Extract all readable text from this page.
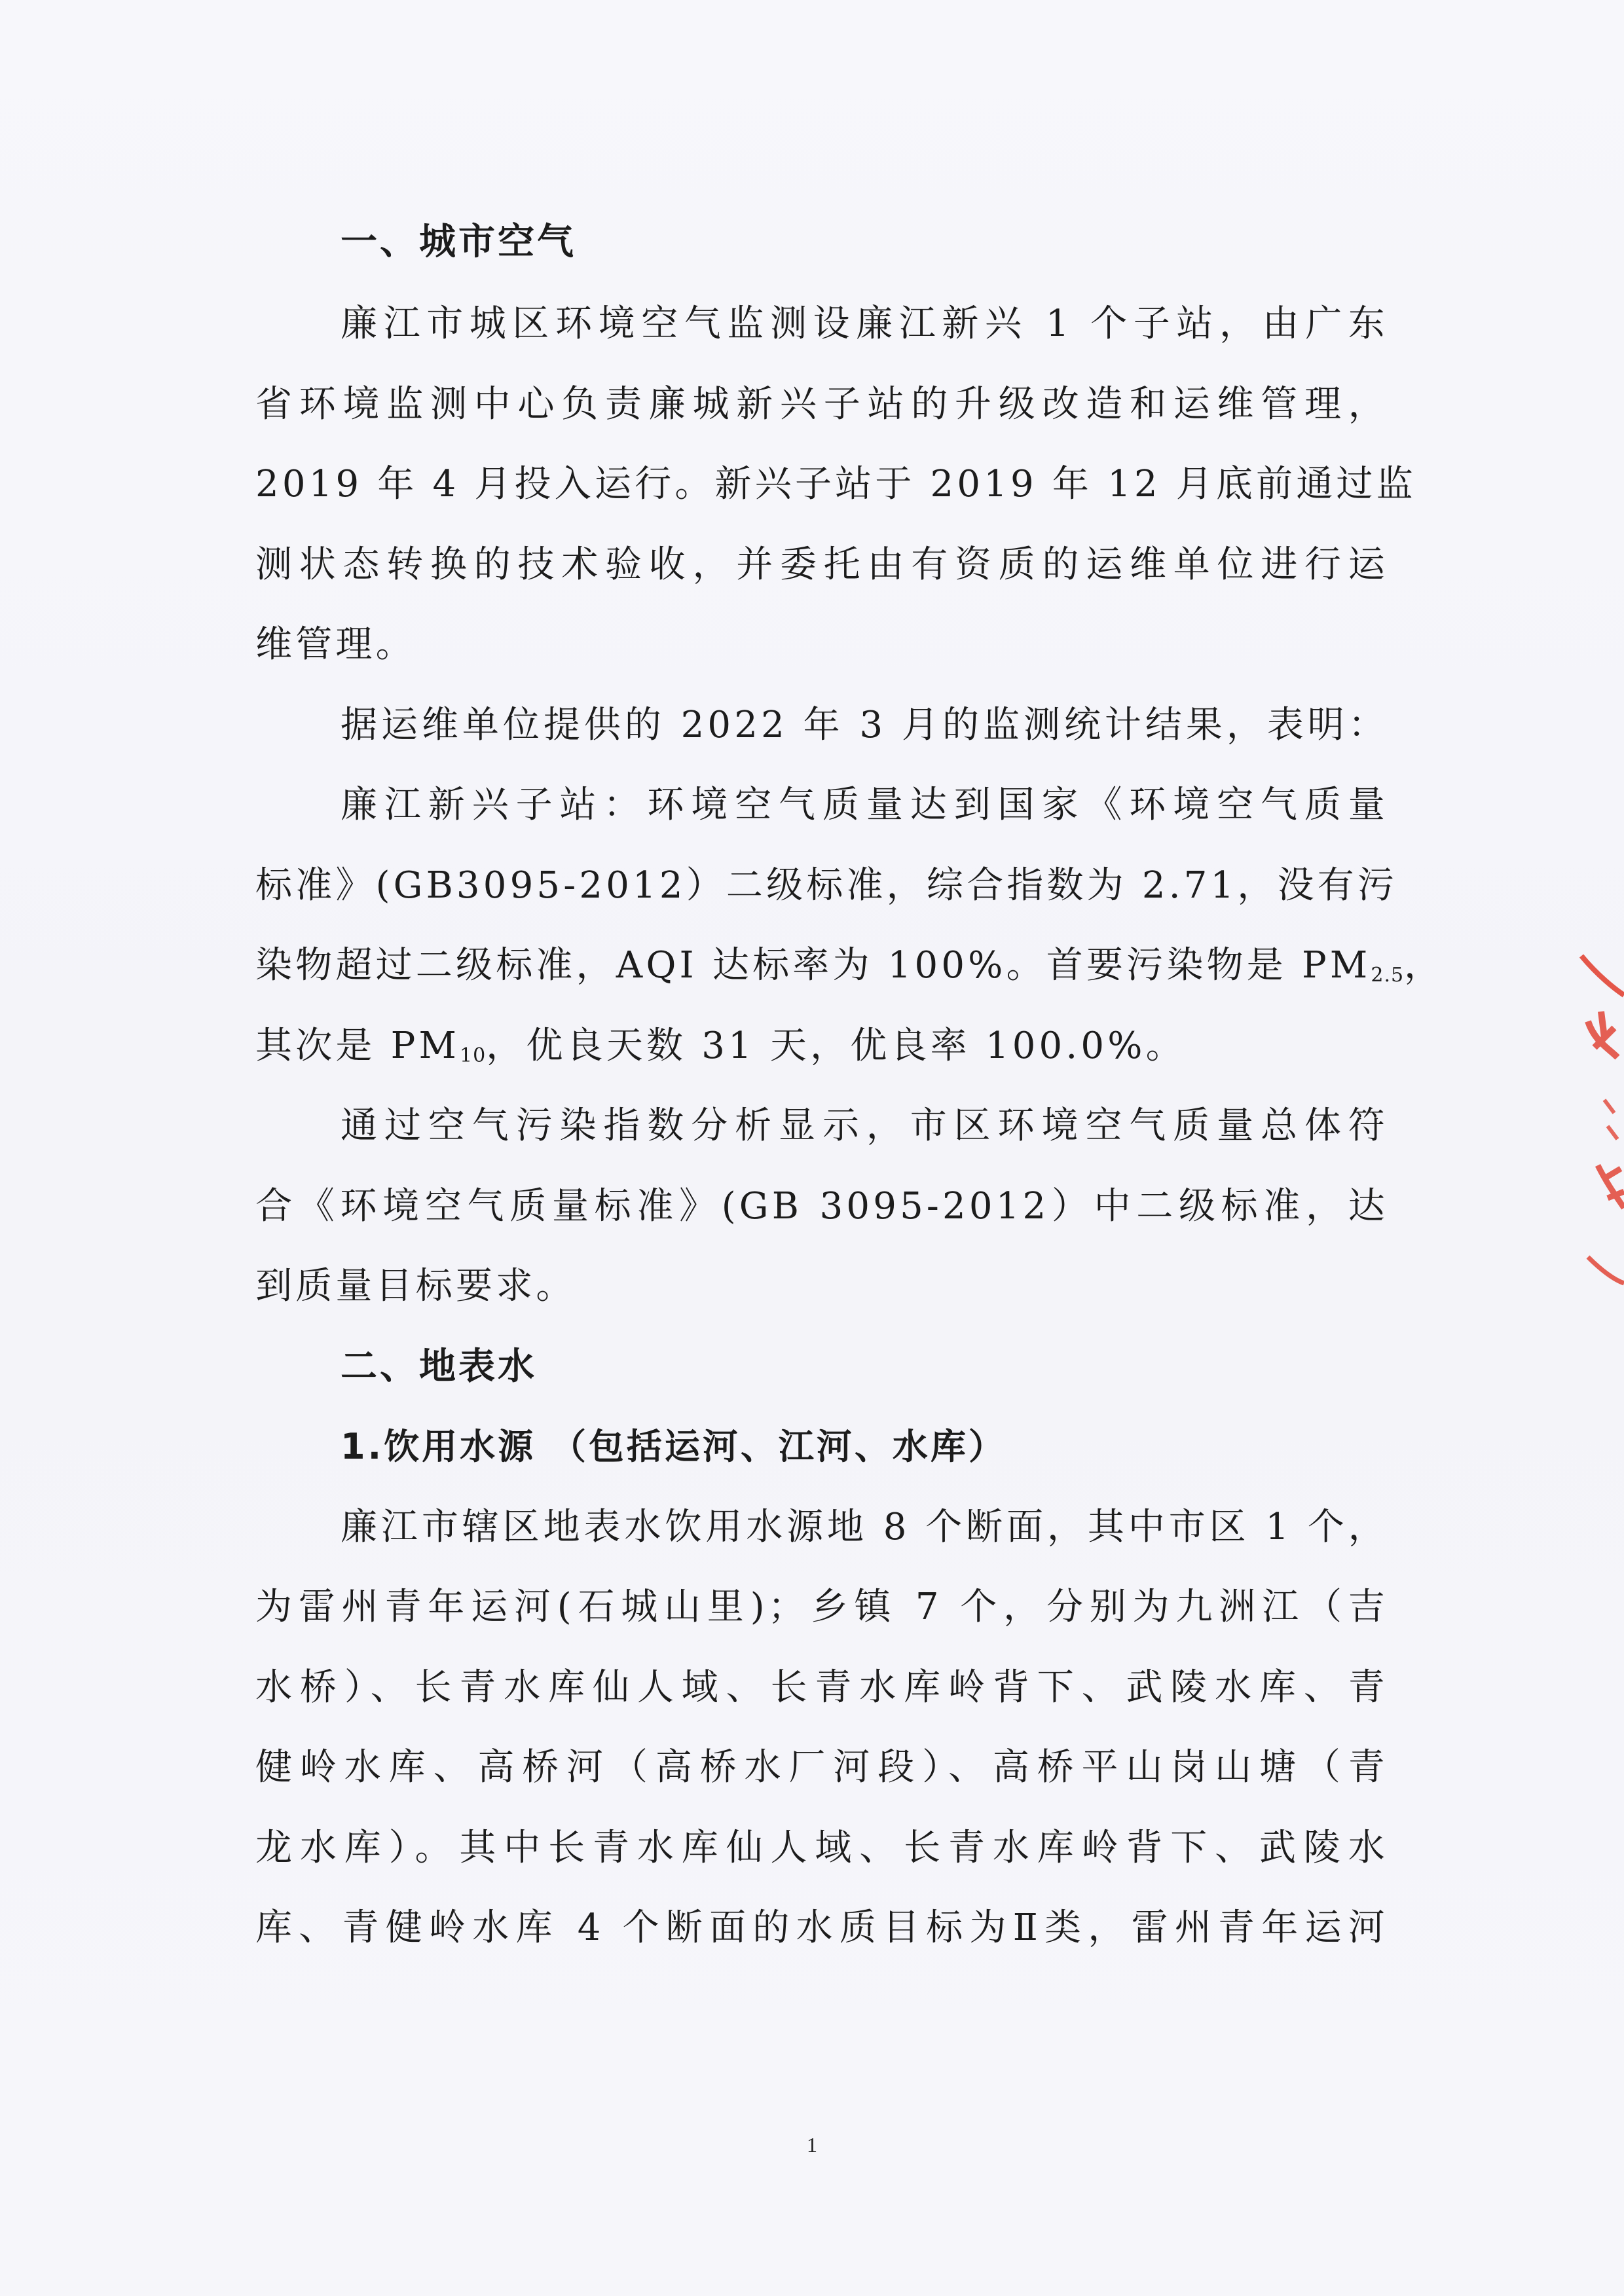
一、城市空气
廉江市城区环境空气监测设廉江新兴 1 个子站，由广东
省环境监测中心负责廉城新兴子站的升级改造和运维管理，
2019 年 4 月投入运行。新兴子站于 2019 年 12 月底前通过监
测状态转换的技术验收，并委托由有资质的运维单位进行运
维管理。
据运维单位提供的 2022 年 3 月的监测统计结果，表明：
廉江新兴子站：环境空气质量达到国家《环境空气质量
标准》(GB3095-2012）二级标准，综合指数为 2.71，没有污
染物超过二级标准，AQI 达标率为 100%。首要污染物是 $PM_{2.5}$，
其次是 $PM_{10}$，优良天数 31 天，优良率 100.0%。
通过空气污染指数分析显示，市区环境空气质量总体符
合《环境空气质量标准》(GB 3095-2012）中二级标准，达
到质量目标要求。
二、地表水
1.饮用水源 （包括运河、江河、水库）
廉江市辖区地表水饮用水源地 8 个断面，其中市区 1 个，
为雷州青年运河(石城山里)；乡镇 7 个，分别为九洲江（吉
水桥）、长青水库仙人域、长青水库岭背下、武陵水库、青
健岭水库、高桥河（高桥水厂河段）、高桥平山岗山塘（青
龙水库）。其中长青水库仙人域、长青水库岭背下、武陵水
库、青健岭水库 4 个断面的水质目标为Ⅱ类，雷州青年运河
1
